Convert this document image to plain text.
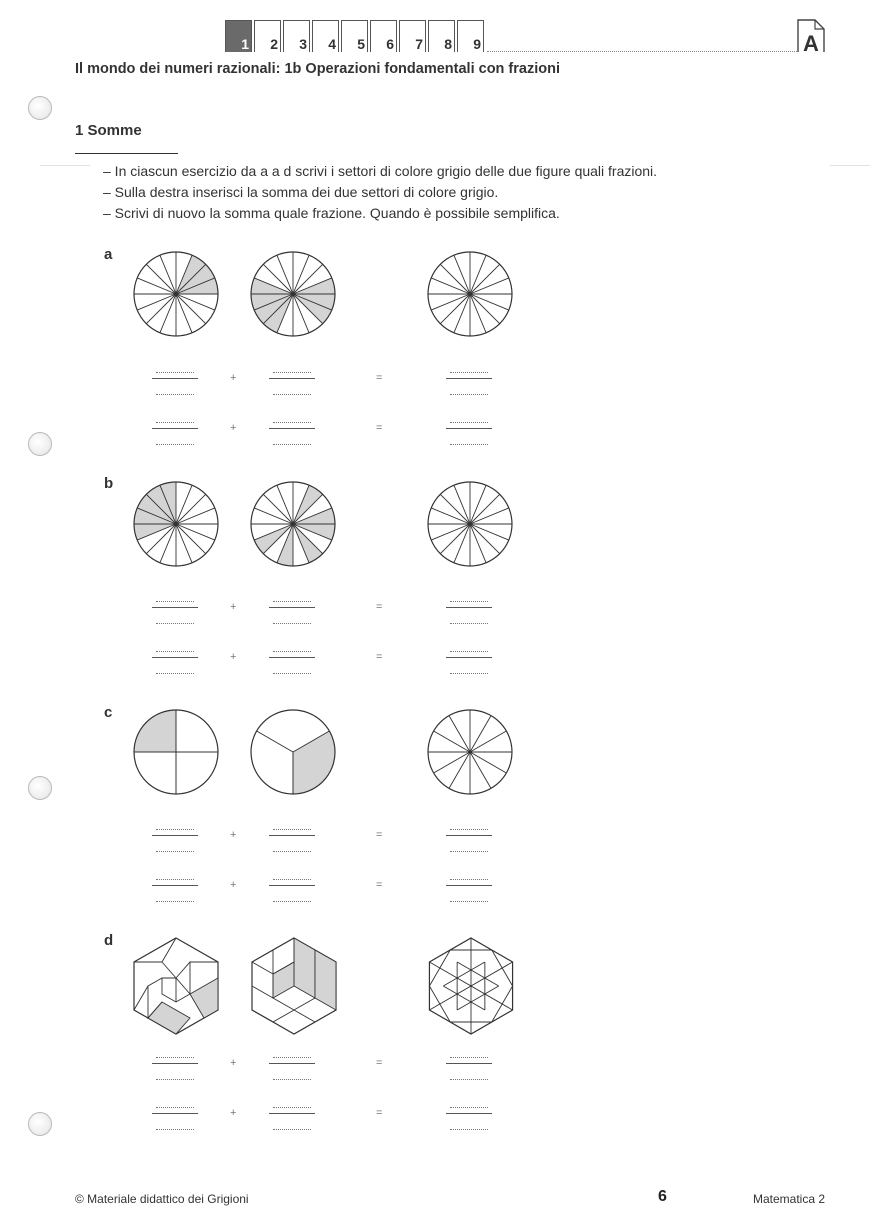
1 2 3 4 5 6 7 8 9	A
Il mondo dei numeri razionali: 1b Operazioni fondamentali con frazioni
1 Somme
– In ciascun esercizio da a a d scrivi i settori di colore grigio delle due figure quali frazioni.
– Sulla destra inserisci la somma dei due settori di colore grigio.
– Scrivi di nuovo la somma quale frazione. Quando è possibile semplifica.
a
b
c
d
+	=
+	=
+	=
+	=
+	=
+	=
+	=
+	=
© Materiale didattico dei Grigioni	6	Matematica 2
